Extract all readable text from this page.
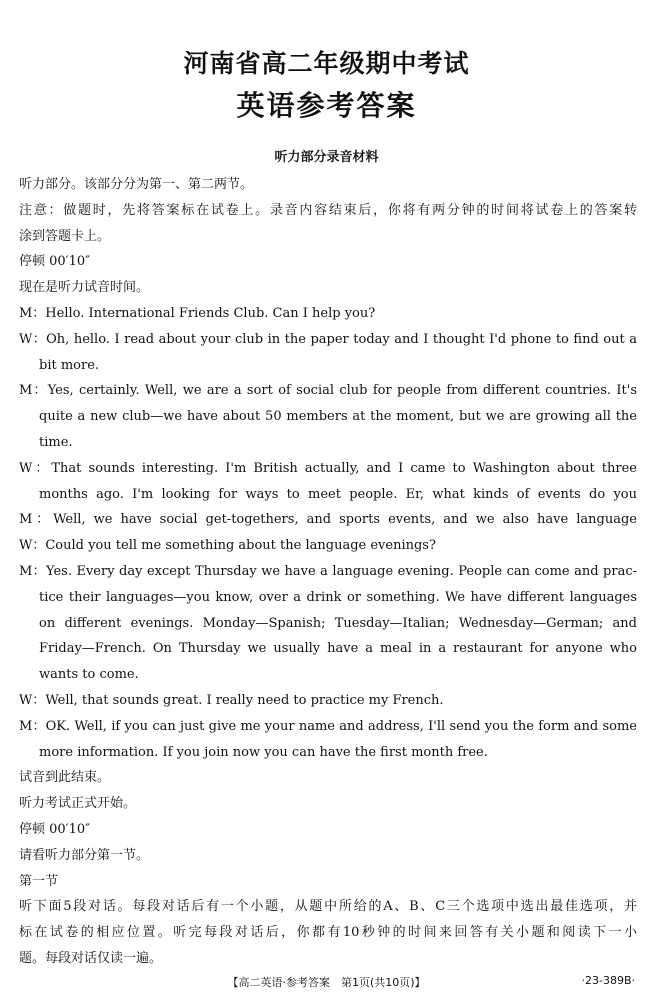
河南省高二年级期中考试
英语参考答案
听力部分录音材料
听力部分。该部分分为第一、第二两节。
注意：做题时，先将答案标在试卷上。录音内容结束后，你将有两分钟的时间将试卷上的答案转
涂到答题卡上。
停顿 00′10″
现在是听力试音时间。
M：Hello. International Friends Club. Can I help you?
W：Oh, hello. I read about your club in the paper today and I thought I'd phone to find out a
bit more.
M：Yes, certainly. Well, we are a sort of social club for people from different countries. It's
quite a new club—we have about 50 members at the moment, but we are growing all the
time.
W：That sounds interesting. I'm British actually, and I came to Washington about three
months ago. I'm looking for ways to meet people. Er, what kinds of events do you
M：Well, we have social get-togethers, and sports events, and we also have language
W：Could you tell me something about the language evenings?
M：Yes. Every day except Thursday we have a language evening. People can come and prac-
tice their languages—you know, over a drink or something. We have different languages
on different evenings. Monday—Spanish; Tuesday—Italian; Wednesday—German; and
Friday—French. On Thursday we usually have a meal in a restaurant for anyone who
wants to come.
W：Well, that sounds great. I really need to practice my French.
M：OK. Well, if you can just give me your name and address, I'll send you the form and some
more information. If you join now you can have the first month free.
试音到此结束。
听力考试正式开始。
停顿 00′10″
请看听力部分第一节。
第一节
听下面5段对话。每段对话后有一个小题，从题中所给的A、B、C三个选项中选出最佳选项，并
标在试卷的相应位置。听完每段对话后，你都有10秒钟的时间来回答有关小题和阅读下一小
题。每段对话仅读一遍。
【高二英语·参考答案　第1页(共10页)】	·23-389B·
